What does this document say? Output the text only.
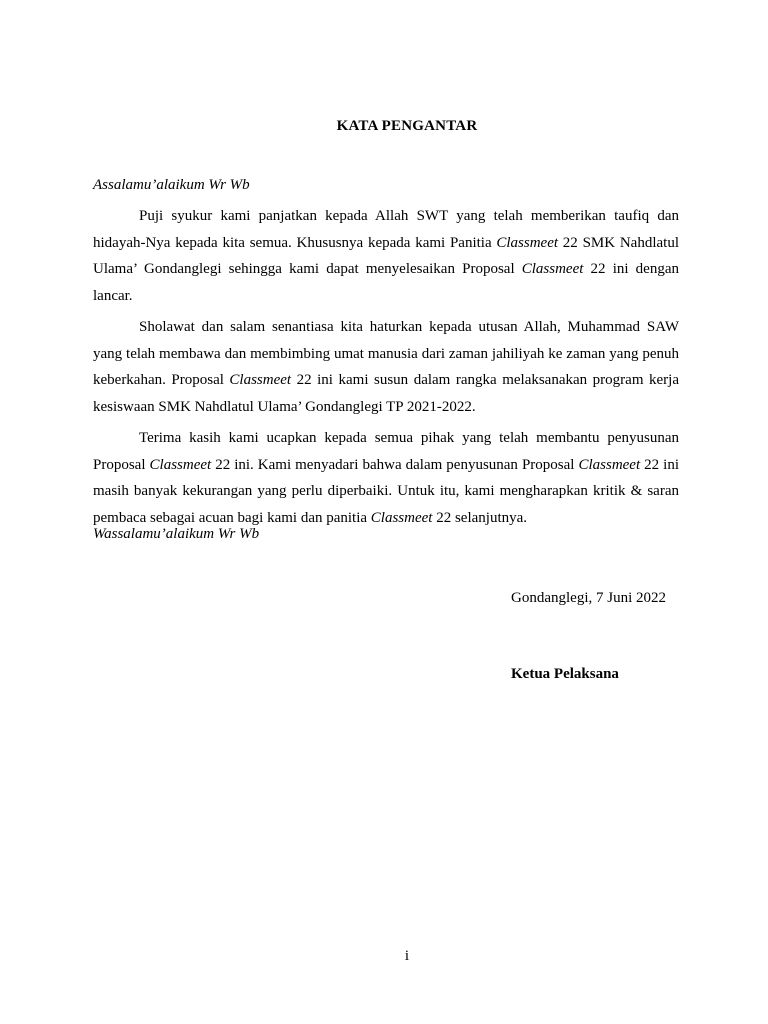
KATA PENGANTAR
Assalamu’alaikum Wr Wb

Puji syukur kami panjatkan kepada Allah SWT yang telah memberikan taufiq dan hidayah-Nya kepada kita semua. Khususnya kepada kami Panitia Classmeet 22 SMK Nahdlatul Ulama’ Gondanglegi sehingga kami dapat menyelesaikan Proposal Classmeet 22 ini dengan lancar.

Sholawat dan salam senantiasa kita haturkan kepada utusan Allah, Muhammad SAW yang telah membawa dan membimbing umat manusia dari zaman jahiliyah ke zaman yang penuh keberkahan. Proposal Classmeet 22 ini kami susun dalam rangka melaksanakan program kerja kesiswaan SMK Nahdlatul Ulama’ Gondanglegi TP 2021-2022.

Terima kasih kami ucapkan kepada semua pihak yang telah membantu penyusunan Proposal Classmeet 22 ini. Kami menyadari bahwa dalam penyusunan Proposal Classmeet 22 ini masih banyak kekurangan yang perlu diperbaiki. Untuk itu, kami mengharapkan kritik & saran pembaca sebagai acuan bagi kami dan panitia Classmeet 22 selanjutnya.

Wassalamu’alaikum Wr Wb
Gondanglegi, 7 Juni 2022
Ketua Pelaksana
i
